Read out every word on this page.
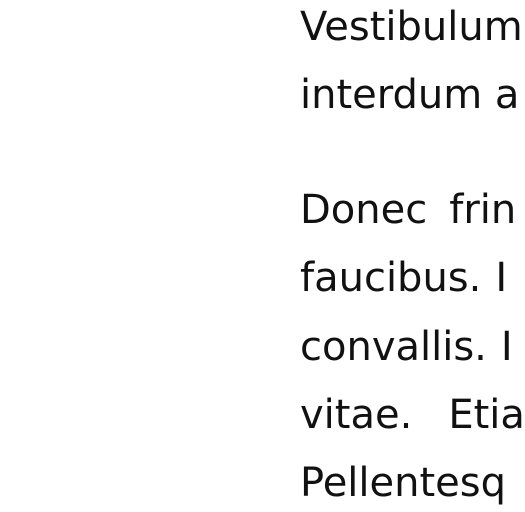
Vestibulum
interdum a
Donec frin
faucibus. I
convallis. I
vitae. Etia
Pellentesq
